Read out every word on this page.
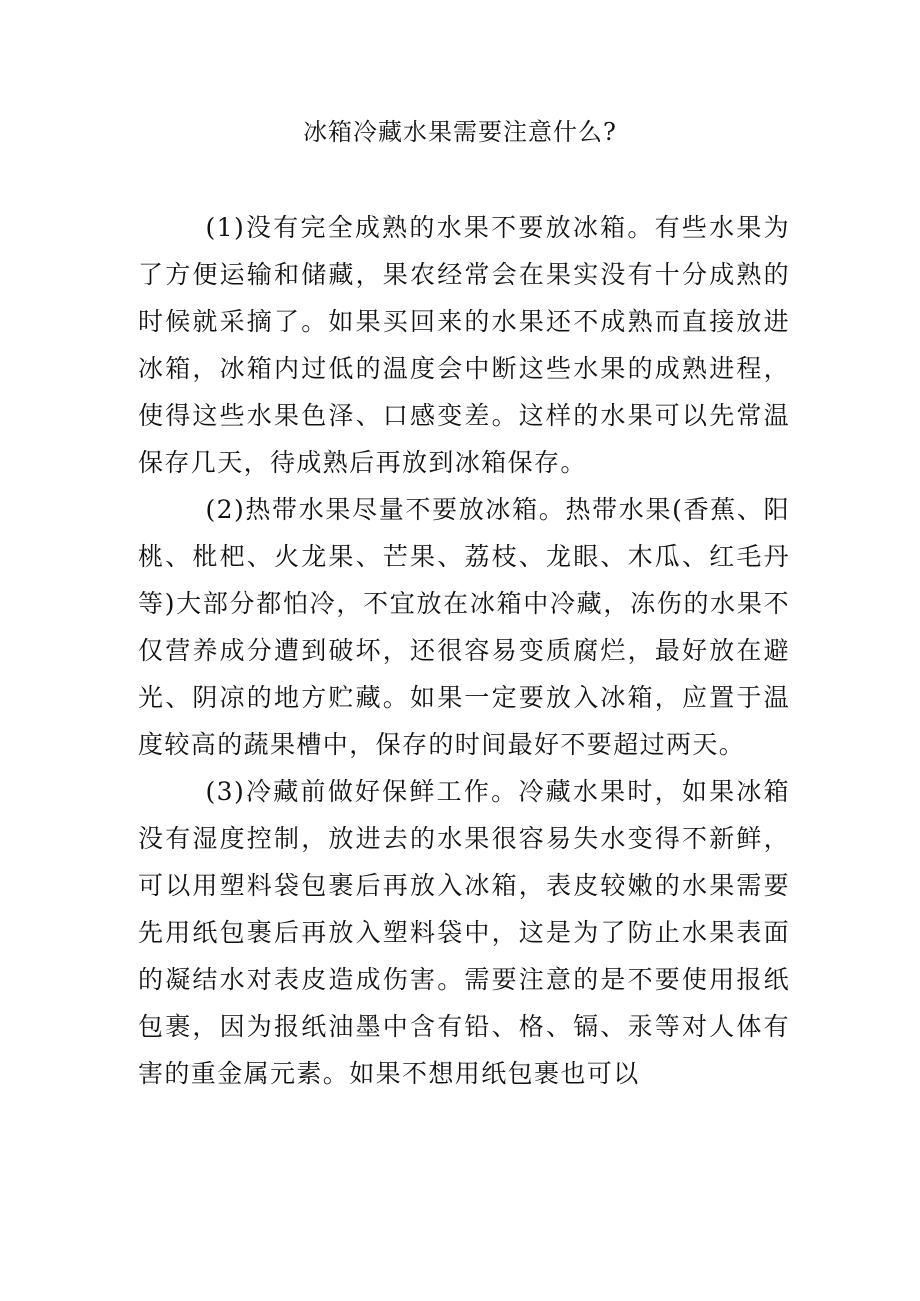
冰箱冷藏水果需要注意什么?

(1)没有完全成熟的水果不要放冰箱。有些水果为了方便运输和储藏，果农经常会在果实没有十分成熟的时候就采摘了。如果买回来的水果还不成熟而直接放进冰箱，冰箱内过低的温度会中断这些水果的成熟进程，使得这些水果色泽、口感变差。这样的水果可以先常温保存几天，待成熟后再放到冰箱保存。

(2)热带水果尽量不要放冰箱。热带水果(香蕉、阳桃、枇杷、火龙果、芒果、荔枝、龙眼、木瓜、红毛丹等)大部分都怕冷，不宜放在冰箱中冷藏，冻伤的水果不仅营养成分遭到破坏，还很容易变质腐烂，最好放在避光、阴凉的地方贮藏。如果一定要放入冰箱，应置于温度较高的蔬果槽中，保存的时间最好不要超过两天。

(3)冷藏前做好保鲜工作。冷藏水果时，如果冰箱没有湿度控制，放进去的水果很容易失水变得不新鲜，可以用塑料袋包裹后再放入冰箱，表皮较嫩的水果需要先用纸包裹后再放入塑料袋中，这是为了防止水果表面的凝结水对表皮造成伤害。需要注意的是不要使用报纸包裹，因为报纸油墨中含有铅、格、镉、汞等对人体有害的重金属元素。如果不想用纸包裹也可以
